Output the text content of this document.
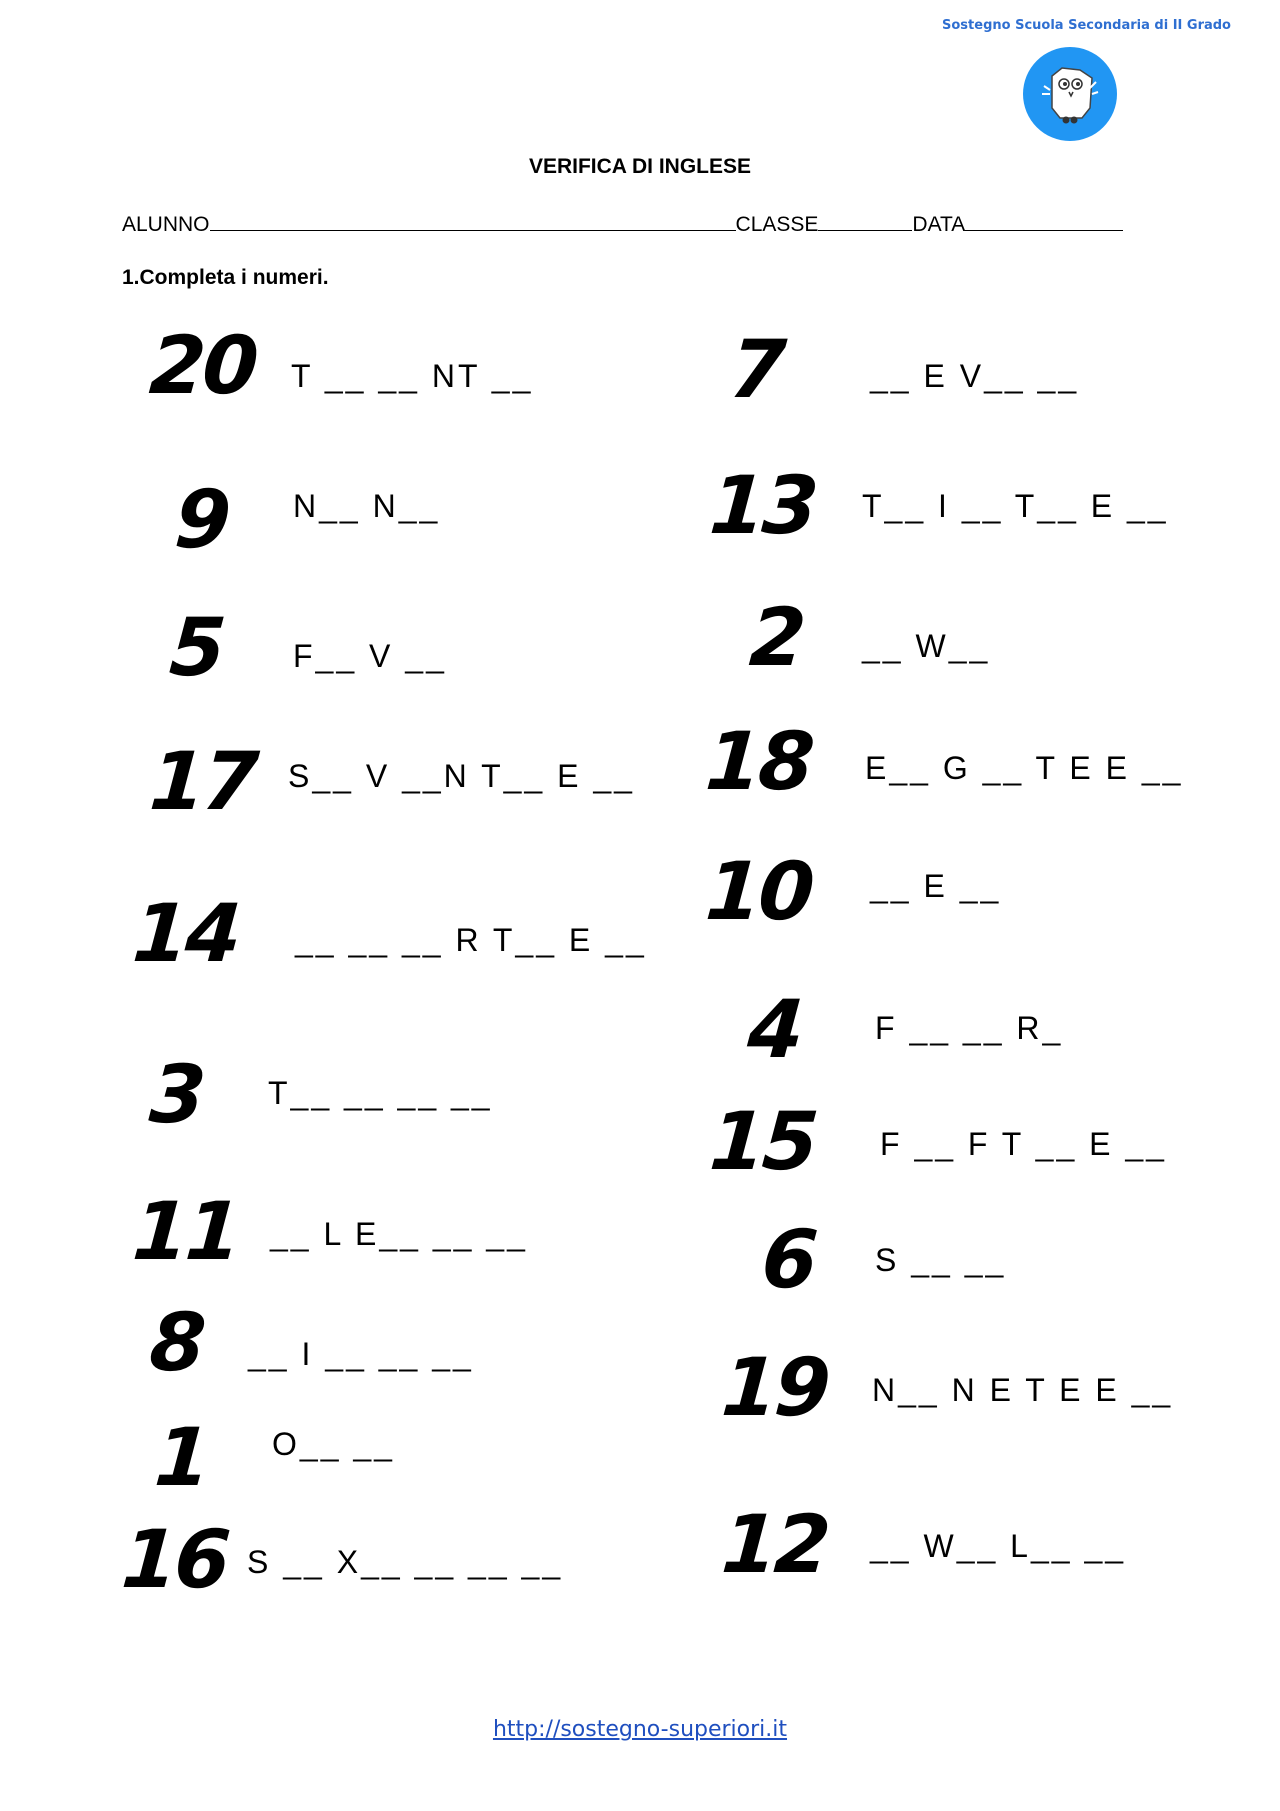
Sostegno Scuola Secondaria di II Grado
VERIFICA DI INGLESE
ALUNNO	CLASSE	DATA
1.Completa i numeri.
20 T __ __ NT __
9 N__ N__
5 F__ V __
17 S__ V __N T__ E __
14 __ __ __ R T__ E __
3 T__ __ __ __
11 __ L E__ __ __
8 __ I __ __ __
1 O__ __
16 S __ X__ __ __ __
7	__ E V__ __
13 T__ I __ T__ E __
2 __ W__
18 E__ G __ T E E __
10 __ E __
4 F __ __ R_
15 F __ F T __ E __
6 S __ __
19 N__ N E T E E __
12 __ W__ L__ __
http://sostegno-superiori.it
